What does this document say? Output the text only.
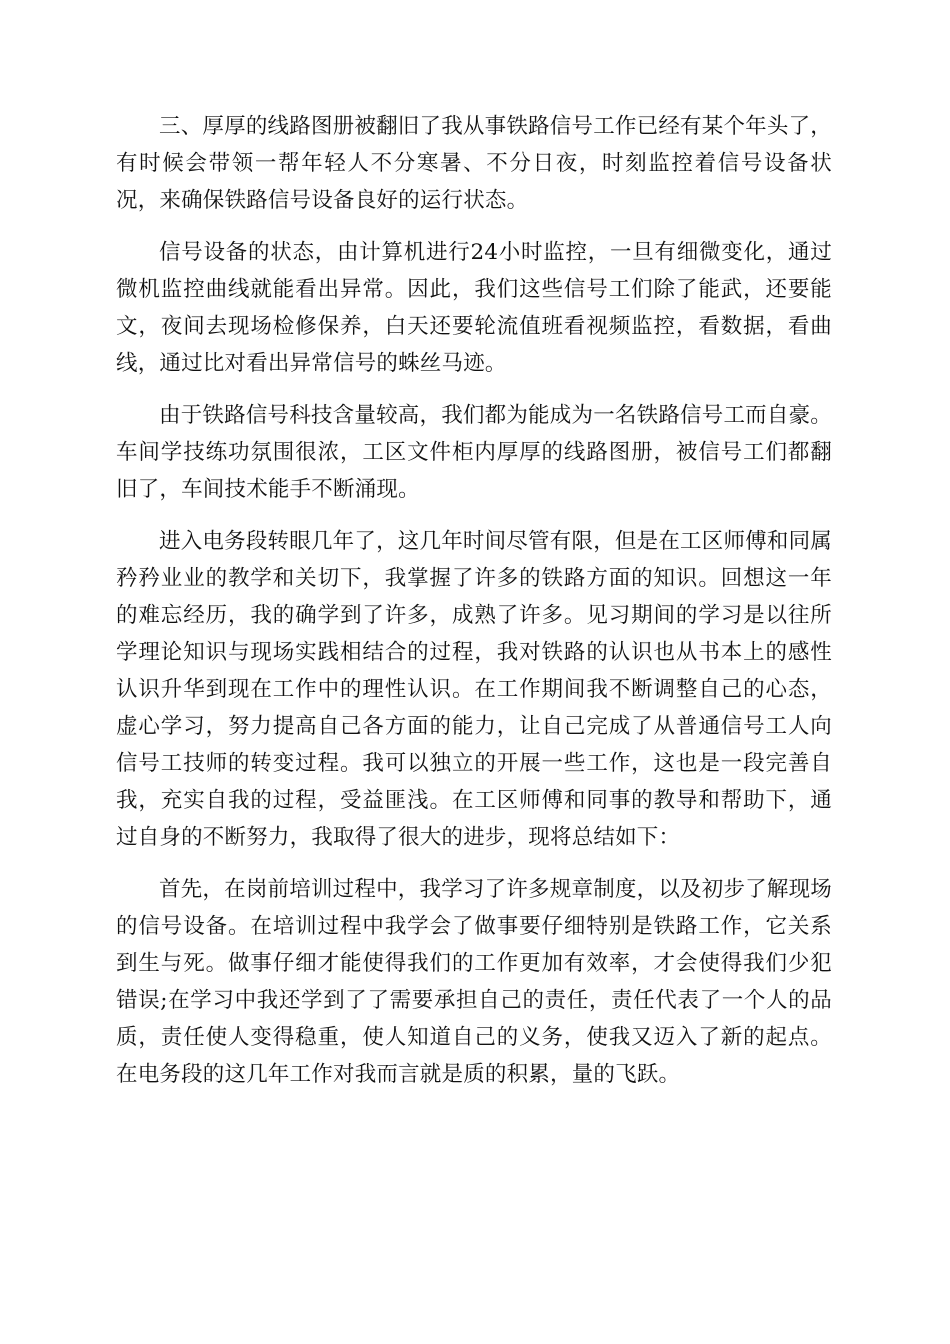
三、厚厚的线路图册被翻旧了我从事铁路信号工作已经有某个年头了，有时候会带领一帮年轻人不分寒暑、不分日夜，时刻监控着信号设备状况，来确保铁路信号设备良好的运行状态。

信号设备的状态，由计算机进行24小时监控，一旦有细微变化，通过微机监控曲线就能看出异常。因此，我们这些信号工们除了能武，还要能文，夜间去现场检修保养，白天还要轮流值班看视频监控，看数据，看曲线，通过比对看出异常信号的蛛丝马迹。

由于铁路信号科技含量较高，我们都为能成为一名铁路信号工而自豪。车间学技练功氛围很浓，工区文件柜内厚厚的线路图册，被信号工们都翻旧了，车间技术能手不断涌现。

进入电务段转眼几年了，这几年时间尽管有限，但是在工区师傅和同属矜矜业业的教学和关切下，我掌握了许多的铁路方面的知识。回想这一年的难忘经历，我的确学到了许多，成熟了许多。见习期间的学习是以往所学理论知识与现场实践相结合的过程，我对铁路的认识也从书本上的感性认识升华到现在工作中的理性认识。在工作期间我不断调整自己的心态，虚心学习，努力提高自己各方面的能力，让自己完成了从普通信号工人向信号工技师的转变过程。我可以独立的开展一些工作，这也是一段完善自我，充实自我的过程，受益匪浅。在工区师傅和同事的教导和帮助下，通过自身的不断努力，我取得了很大的进步，现将总结如下：

首先，在岗前培训过程中，我学习了许多规章制度，以及初步了解现场的信号设备。在培训过程中我学会了做事要仔细特别是铁路工作，它关系到生与死。做事仔细才能使得我们的工作更加有效率，才会使得我们少犯错误;在学习中我还学到了了需要承担自己的责任，责任代表了一个人的品质，责任使人变得稳重，使人知道自己的义务，使我又迈入了新的起点。在电务段的这几年工作对我而言就是质的积累，量的飞跃。
